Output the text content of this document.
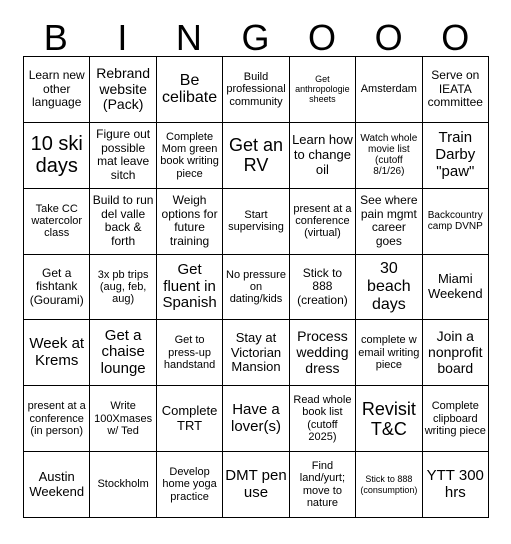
B	I	N	G	O	O	O
Learn new other language
Rebrand website (Pack)
Be celibate
Build professional community
Get anthropologie sheets
Amsterdam
Serve on IEATA committee
10 ski days
Figure out possible mat leave sitch
Complete Mom green book writing piece
Get an RV
Learn how to change oil
Watch whole movie list (cutoff 8/1/26)
Train Darby "paw"
Take CC watercolor class
Build to run del valle back & forth
Weigh options for future training
Start supervising
present at a conference (virtual)
See where pain mgmt career goes
Backcountry camp DVNP
Get a fishtank (Gourami)
3x pb trips (aug, feb, aug)
Get fluent in Spanish
No pressure on dating/kids
Stick to 888 (creation)
30 beach days
Miami Weekend
Week at Krems
Get a chaise lounge
Get to press-up handstand
Stay at Victorian Mansion
Process wedding dress
complete w email writing piece
Join a nonprofit board
present at a conference (in person)
Write 100Xmases w/ Ted
Complete TRT
Have a lover(s)
Read whole book list (cutoff 2025)
Revisit T&C
Complete clipboard writing piece
Austin Weekend	Stockholm
Develop home yoga practice
DMT pen use
Find land/yurt; move to nature
Stick to 888 (consumption)
YTT 300 hrs
